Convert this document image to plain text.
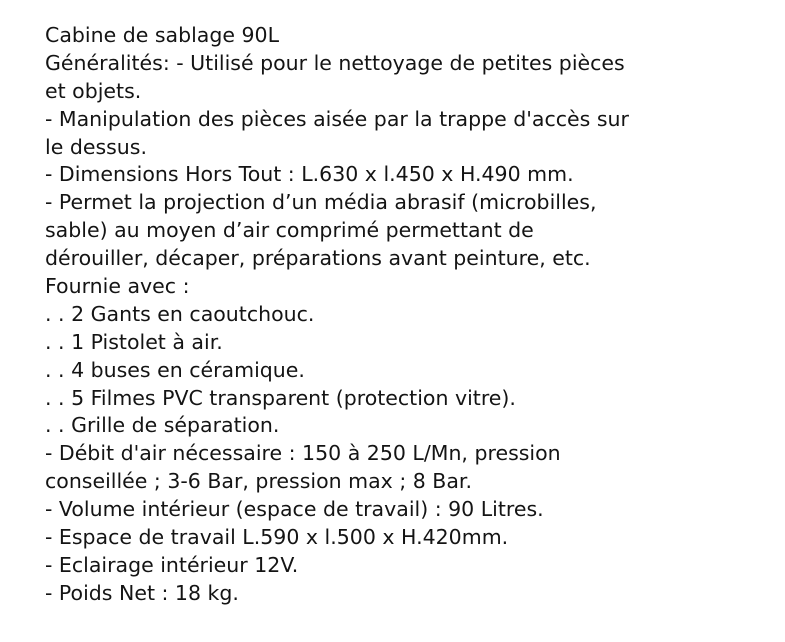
Cabine de sablage 90L
Généralités: - Utilisé pour le nettoyage de petites pièces
et objets.
- Manipulation des pièces aisée par la trappe d'accès sur
le dessus.
- Dimensions Hors Tout : L.630 x l.450 x H.490 mm.
- Permet la projection d’un média abrasif (microbilles,
sable) au moyen d’air comprimé permettant de
dérouiller, décaper, préparations avant peinture, etc.
Fournie avec :
. . 2 Gants en caoutchouc.
. . 1 Pistolet à air.
. . 4 buses en céramique.
. . 5 Filmes PVC transparent (protection vitre).
. . Grille de séparation.
- Débit d'air nécessaire : 150 à 250 L/Mn, pression
conseillée ; 3-6 Bar, pression max ; 8 Bar.
- Volume intérieur (espace de travail) : 90 Litres.
- Espace de travail L.590 x l.500 x H.420mm.
- Eclairage intérieur 12V.
- Poids Net : 18 kg.
